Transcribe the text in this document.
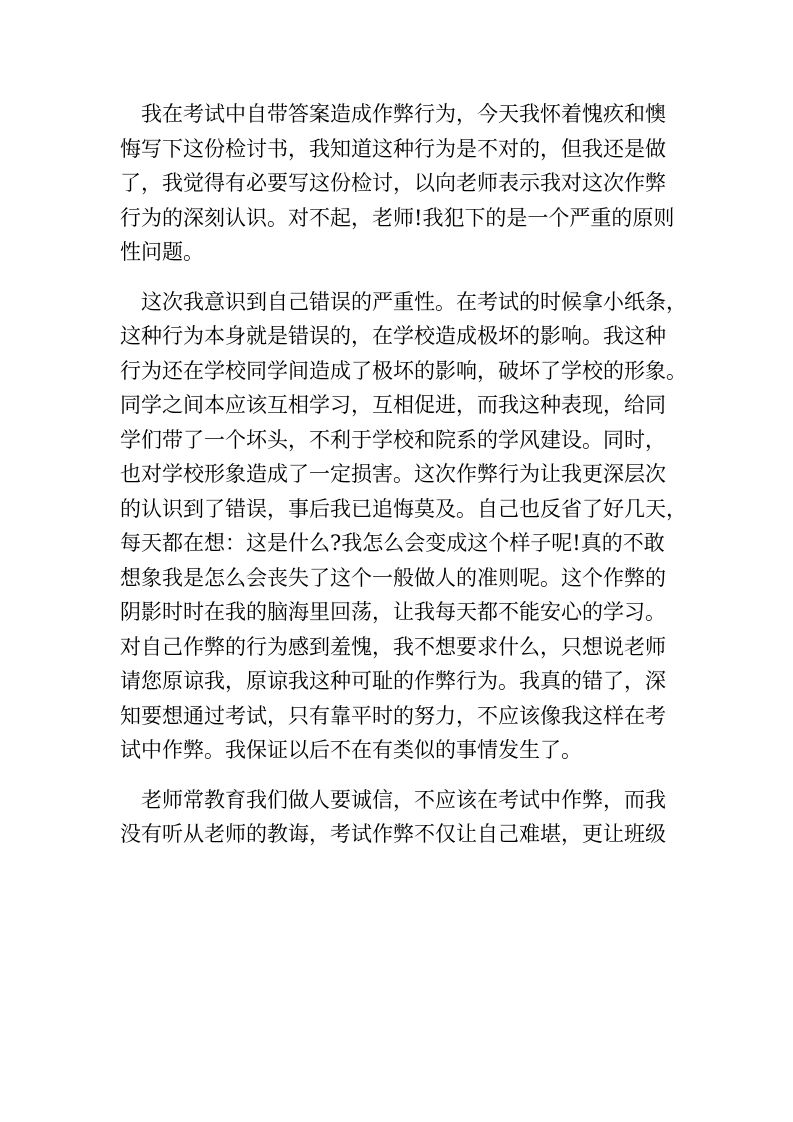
我在考试中自带答案造成作弊行为，今天我怀着愧疚和懊
悔写下这份检讨书，我知道这种行为是不对的，但我还是做
了，我觉得有必要写这份检讨，以向老师表示我对这次作弊
行为的深刻认识。对不起，老师!我犯下的是一个严重的原则
性问题。
这次我意识到自己错误的严重性。在考试的时候拿小纸条，
这种行为本身就是错误的，在学校造成极坏的影响。我这种
行为还在学校同学间造成了极坏的影响，破坏了学校的形象。
同学之间本应该互相学习，互相促进，而我这种表现，给同
学们带了一个坏头，不利于学校和院系的学风建设。同时，
也对学校形象造成了一定损害。这次作弊行为让我更深层次
的认识到了错误，事后我已追悔莫及。自己也反省了好几天，
每天都在想：这是什么?我怎么会变成这个样子呢!真的不敢
想象我是怎么会丧失了这个一般做人的准则呢。这个作弊的
阴影时时在我的脑海里回荡，让我每天都不能安心的学习。
对自己作弊的行为感到羞愧，我不想要求什么，只想说老师
请您原谅我，原谅我这种可耻的作弊行为。我真的错了，深
知要想通过考试，只有靠平时的努力，不应该像我这样在考
试中作弊。我保证以后不在有类似的事情发生了。
老师常教育我们做人要诚信，不应该在考试中作弊，而我
没有听从老师的教诲，考试作弊不仅让自己难堪，更让班级
